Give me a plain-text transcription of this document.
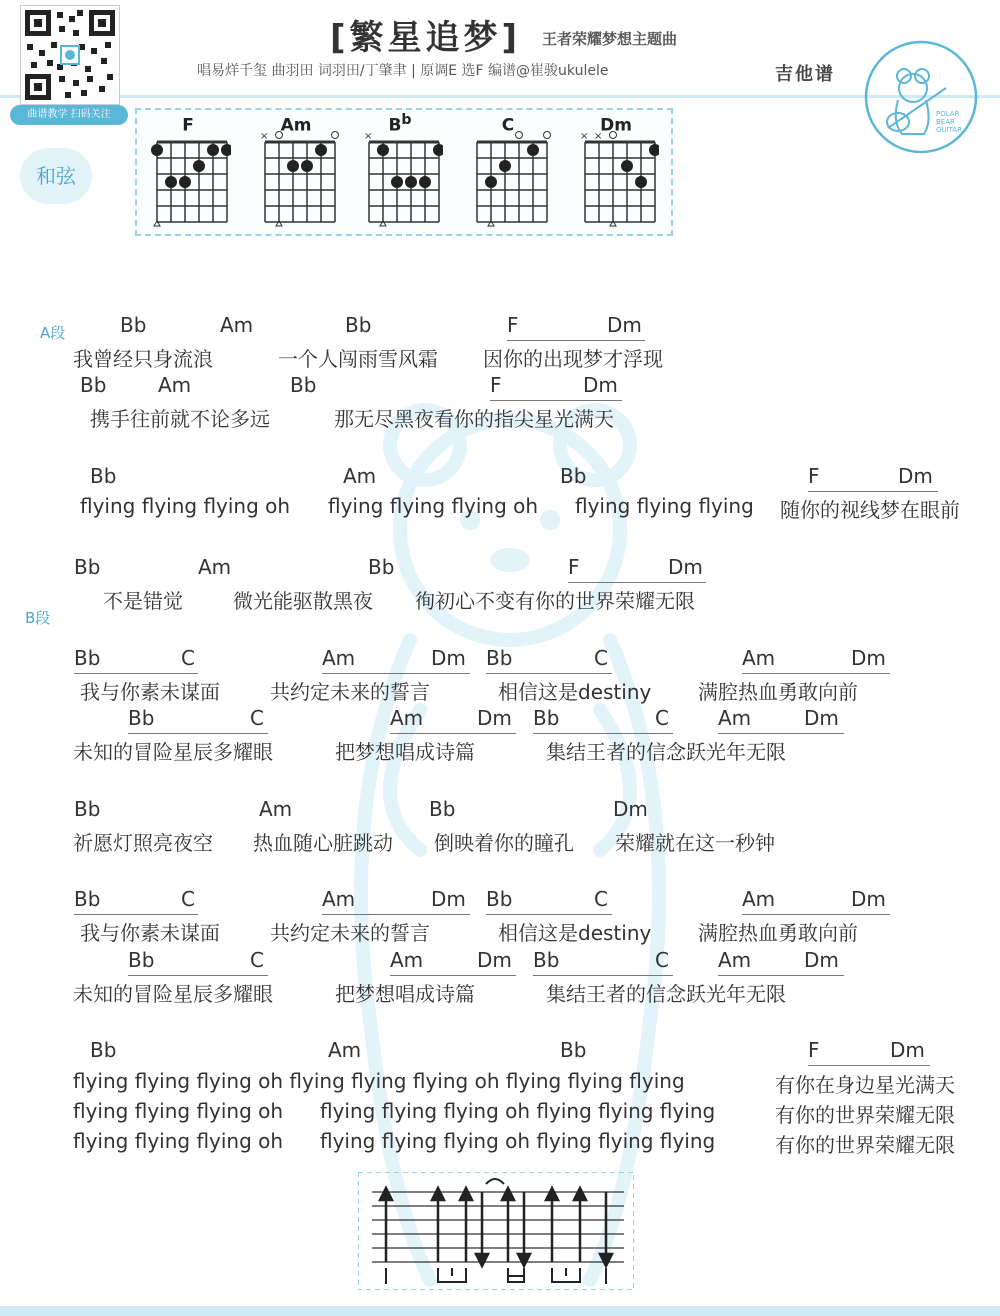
曲谱教学 扫码关注
[繁星追梦] 王者荣耀梦想主题曲
唱易烊千玺 曲羽田 词羽田/丁肇聿 | 原调E 选F 编谱@崔骏ukulele	吉他谱
POLAR
BEAR
GUITAR
和弦
F	Am
×
$B^b$
×
C	Dm
× ×
A段
B段
Bb	Am	Bb	F	Dm
我曾经只身流浪	一个人闯雨雪风霜 因你的出现梦才浮现
Bb	Am	Bb	F	Dm
携手往前就不论多远	那无尽黑夜看你的指尖星光满天
Bb	Am	Bb	F	Dm
flying flying flying oh flying flying flying oh flying flying flying 随你的视线梦在眼前
Bb	Am	Bb	F	Dm
不是错觉	微光能驱散黑夜 徇初心不变有你的世界荣耀无限
Bb	C	Am	Dm Bb	C	Am	Dm
我与你素未谋面	共约定未来的誓言	相信这是destiny 满腔热血勇敢向前
Bb	C	Am	Dm Bb	C Am	Dm
未知的冒险星辰多耀眼	把梦想唱成诗篇	集结王者的信念跃光年无限
Bb	Am	Bb	Dm
祈愿灯照亮夜空 热血随心脏跳动 倒映着你的瞳孔 荣耀就在这一秒钟
Bb	C	Am	Dm Bb	C	Am	Dm
我与你素未谋面	共约定未来的誓言	相信这是destiny 满腔热血勇敢向前
Bb	C	Am	Dm Bb	C Am	Dm
未知的冒险星辰多耀眼	把梦想唱成诗篇	集结王者的信念跃光年无限
Bb	Am	Bb	F	Dm
flying flying flying oh flying flying flying oh flying flying flying	有你在身边星光满天
flying flying flying oh flying flying flying oh flying flying flying	有你的世界荣耀无限
flying flying flying oh flying flying flying oh flying flying flying	有你的世界荣耀无限
